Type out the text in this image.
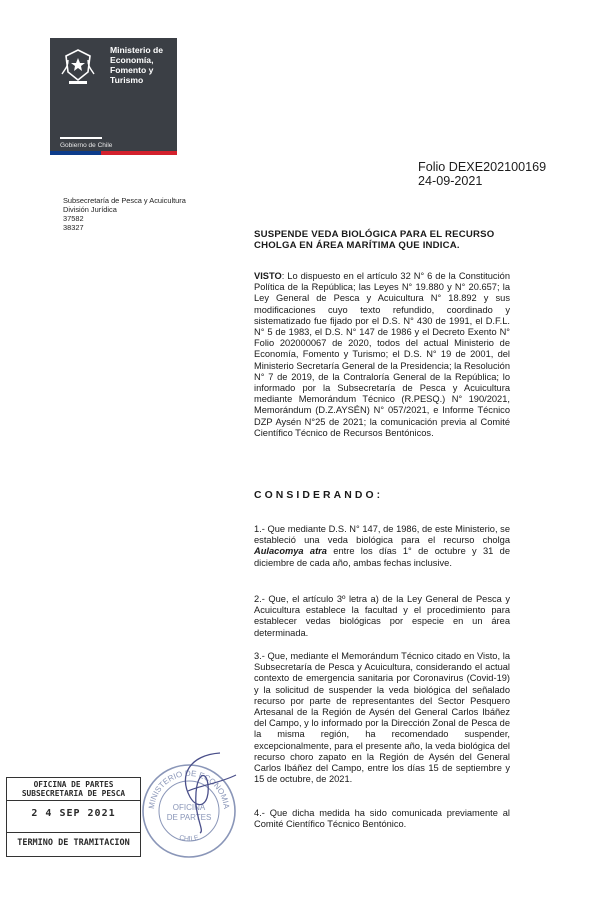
Ministerio de
Economía,
Fomento y
Turismo
Gobierno de Chile
Subsecretaría de Pesca y Acuicultura
División Jurídica
37582
38327
Folio DEXE202100169
24-09-2021
SUSPENDE VEDA BIOLÓGICA PARA EL RECURSO
CHOLGA EN ÁREA MARÍTIMA QUE INDICA.
VISTO: Lo dispuesto en el artículo 32 N° 6 de la Constitución Política de la República; las Leyes N° 19.880 y N° 20.657; la Ley General de Pesca y Acuicultura N° 18.892 y sus modificaciones cuyo texto refundido, coordinado y sistematizado fue fijado por el D.S. N° 430 de 1991, el D.F.L. N° 5 de 1983, el D.S. N° 147 de 1986 y el Decreto Exento N° Folio 202000067 de 2020, todos del actual Ministerio de Economía, Fomento y Turismo; el D.S. N° 19 de 2001, del Ministerio Secretaría General de la Presidencia; la Resolución N° 7 de 2019, de la Contraloría General de la República; lo informado por la Subsecretaría de Pesca y Acuicultura mediante Memorándum Técnico (R.PESQ.) N° 190/2021, Memorándum (D.Z.AYSÉN) N° 057/2021, e Informe Técnico DZP Aysén N°25 de 2021; la comunicación previa al Comité Científico Técnico de Recursos Bentónicos.
CONSIDERANDO:
1.- Que mediante D.S. N° 147, de 1986, de este Ministerio, se estableció una veda biológica para el recurso cholga Aulacomya atra entre los días 1° de octubre y 31 de diciembre de cada año, ambas fechas inclusive.
2.- Que, el artículo 3º letra a) de la Ley General de Pesca y Acuicultura establece la facultad y el procedimiento para establecer vedas biológicas por especie en un área determinada.
3.- Que, mediante el Memorándum Técnico citado en Visto, la Subsecretaría de Pesca y Acuicultura, considerando el actual contexto de emergencia sanitaria por Coronavirus (Covid-19) y la solicitud de suspender la veda biológica del señalado recurso por parte de representantes del Sector Pesquero Artesanal de la Región de Aysén del General Carlos Ibáñez del Campo, y lo informado por la Dirección Zonal de Pesca de la misma región, ha recomendado suspender, excepcionalmente, para el presente año, la veda biológica del recurso choro zapato en la Región de Aysén del General Carlos Ibáñez del Campo, entre los días 15 de septiembre y 15 de octubre, de 2021.
4.- Que dicha medida ha sido comunicada previamente al Comité Científico Técnico Bentónico.
OFICINA DE PARTES
SUBSECRETARIA DE PESCA
2 4 SEP 2021
TERMINO DE TRAMITACION
MINISTERIO DE ECONOMIA
OFICINA
DE PARTES
CHILE
